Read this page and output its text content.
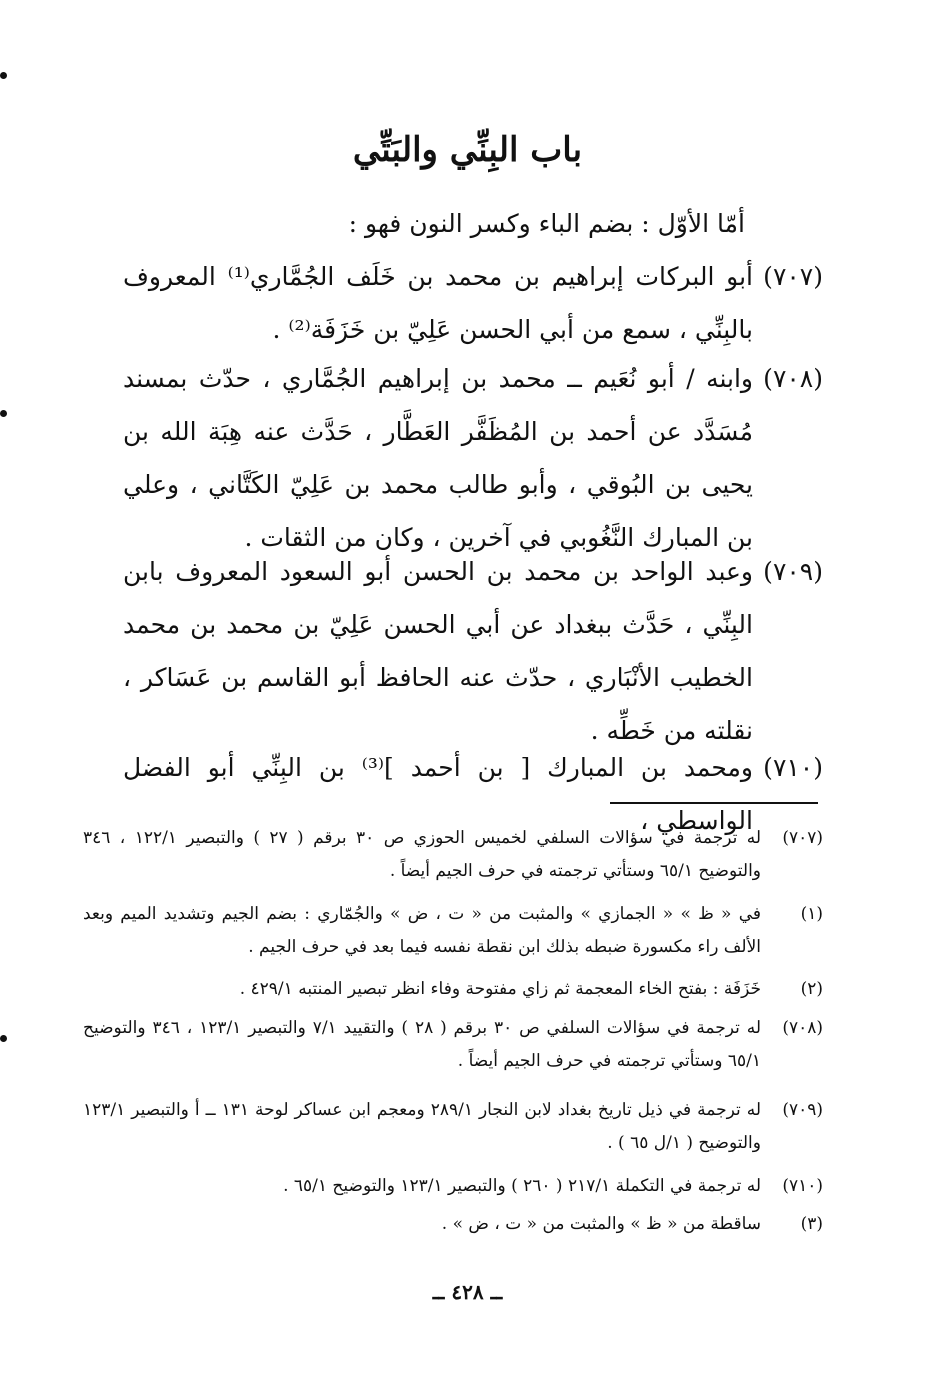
باب البِنِّي والبَتِّي
أمّا الأوّل : بضم الباء وكسر النون فهو :
(٧٠٧)
أبو البركات إبراهيم بن محمد بن خَلَف الجُمَّاري⁽¹⁾ المعروف بالبِنِّي ، سمع من أبي الحسن عَلِيّ بن خَزَفَة⁽²⁾ .
(٧٠٨)
وابنه / أبو نُعَيم ــ محمد بن إبراهيم الجُمَّاري ، حدّث بمسند مُسَدَّد عن أحمد بن المُظَفَّر العَطَّار ، حَدَّث عنه هِبَة الله بن يحيى بن البُوقي ، وأبو طالب محمد بن عَلِيّ الكَتَّاني ، وعلي بن المبارك النَّغُوبي في آخرين ، وكان من الثقات .
(٧٠٩)
وعبد الواحد بن محمد بن الحسن أبو السعود المعروف بابن البِنِّي ، حَدَّث ببغداد عن أبي الحسن عَلِيّ بن محمد بن محمد الخطيب الأنْبَاري ، حدّث عنه الحافظ أبو القاسم بن عَسَاكر ، نقلته من خَطِّه .
(٧١٠)
ومحمد بن المبارك [ بن أحمد ]⁽³⁾ بن البِنِّي أبو الفضل الواسطي ،
(٧٠٧)
له ترجمة في سؤالات السلفي لخميس الحوزي ص ٣٠ برقم ( ٢٧ ) والتبصير ١٢٢/١ ، ٣٤٦ والتوضيح ٦٥/١ وستأتي ترجمته في حرف الجيم أيضاً .
(١)
في « ظ » « الجمازي » والمثبت من « ت ، ض » والجُمّاري : بضم الجيم وتشديد الميم وبعد الألف راء مكسورة ضبطه بذلك ابن نقطة نفسه فيما بعد في حرف الجيم .
(٢)
خَزَفَة : بفتح الخاء المعجمة ثم زاي مفتوحة وفاء انظر تبصير المنتبه ٤٢٩/١ .
(٧٠٨)
له ترجمة في سؤالات السلفي ص ٣٠ برقم ( ٢٨ ) والتقييد ٧/١ والتبصير ١٢٣/١ ، ٣٤٦ والتوضيح ٦٥/١ وستأتي ترجمته في حرف الجيم أيضاً .
(٧٠٩)
له ترجمة في ذيل تاريخ بغداد لابن النجار ٢٨٩/١ ومعجم ابن عساكر لوحة ١٣١ ــ أ والتبصير ١٢٣/١ والتوضيح ( ١/ل ٦٥ ) .
(٧١٠)
له ترجمة في التكملة ٢١٧/١ ( ٢٦٠ ) والتبصير ١٢٣/١ والتوضيح ٦٥/١ .
(٣)
ساقطة من « ظ » والمثبت من « ت ، ض » .
ــ ٤٢٨ ــ
